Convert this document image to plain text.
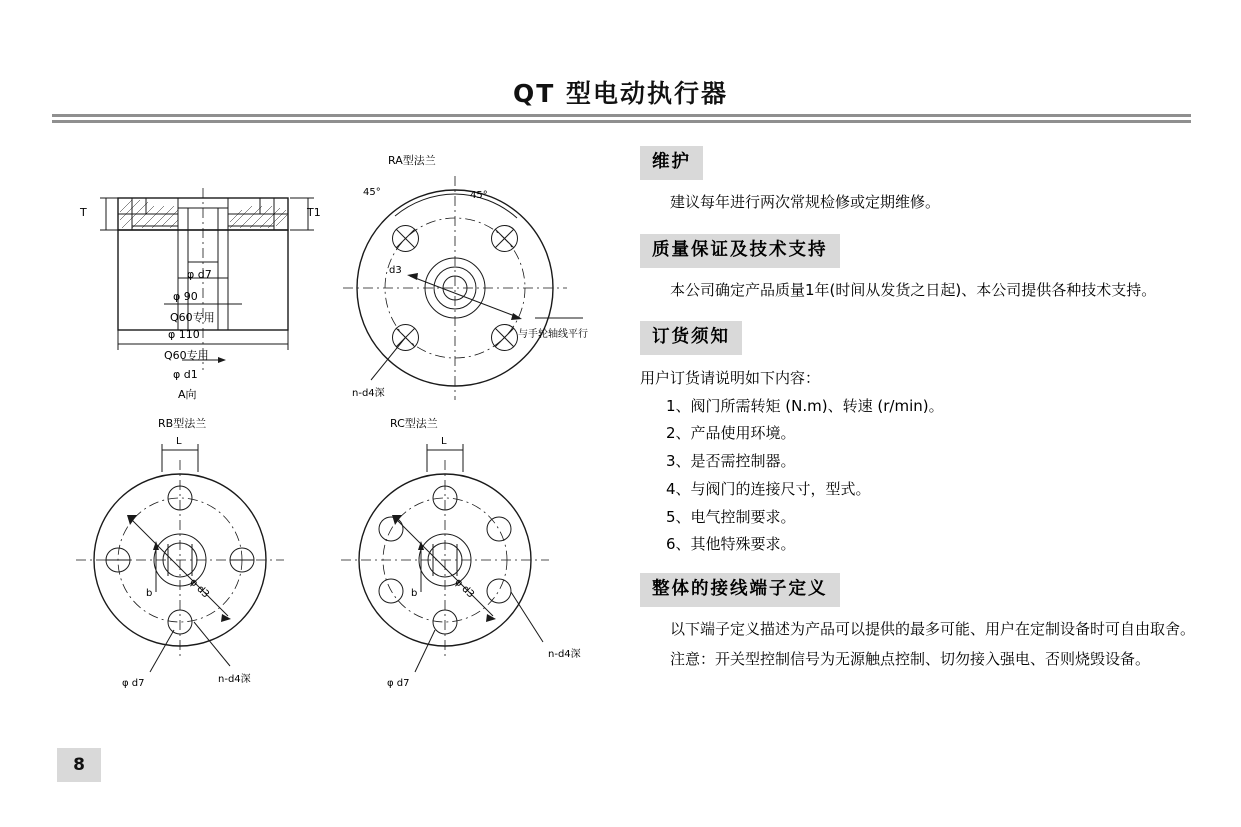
QT 型电动执行器
T	T1
φ d7
φ 90
Q60专用
φ 110
Q60专用
φ d1
A向
RA型法兰
45°	45°
d3
n-d4深
与手轮轴线平行
RB型法兰
L
b	φ d3
φ d7	n-d4深
RC型法兰
L
b	φ d3
φ d7
n-d4深
维护

建议每年进行两次常规检修或定期维修。

质量保证及技术支持

本公司确定产品质量1年(时间从发货之日起)、本公司提供各种技术支持。

订货须知

用户订货请说明如下内容：

1、阀门所需转矩 (N.m)、转速 (r/min)。
2、产品使用环境。
3、是否需控制器。
4、与阀门的连接尺寸，型式。
5、电气控制要求。
6、其他特殊要求。
整体的接线端子定义

以下端子定义描述为产品可以提供的最多可能、用户在定制设备时可自由取舍。

注意：开关型控制信号为无源触点控制、切勿接入强电、否则烧毁设备。

8
